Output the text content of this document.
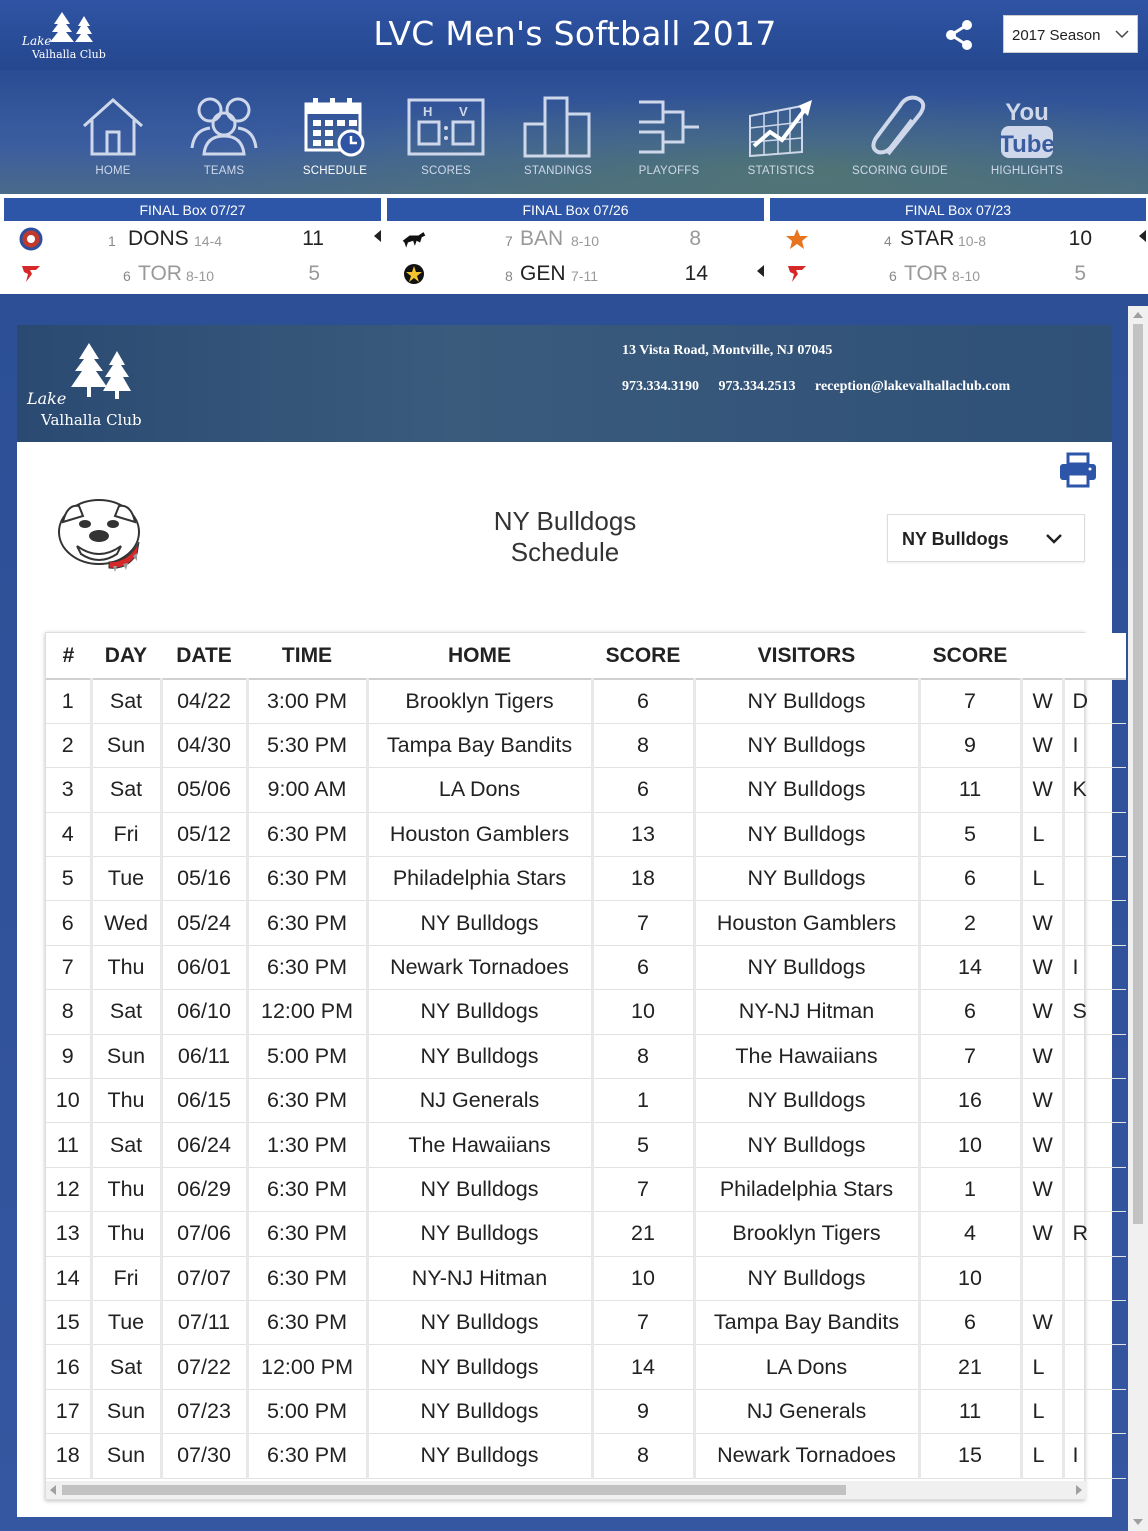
Lake
Valhalla Club
LVC Men's Softball 2017	2017 Season
HOME	TEAMS	SCHEDULE
H V
SCORES	STANDINGS	PLAYOFFS	STATISTICS	SCORING GUIDE
You
Tube
HIGHLIGHTS
FINAL Box 07/27
1 DONS 14-4	11
6 TOR 8-10	5
FINAL Box 07/26
7 BAN 8-10	8
8 GEN 7-11	14
FINAL Box 07/23
4 STAR 10-8	10
6 TOR 8-10	5
Lake
Valhalla Club
13 Vista Road, Montville, NJ 07045
973.334.3190 973.334.2513 reception@lakevalhallaclub.com
NY Bulldogs
Schedule	NY Bulldogs
#	DAY	DATE	TIME	HOME	SCORE	VISITORS	SCORE		
1	Sat	04/22	3:00 PM	Brooklyn Tigers	6	NY Bulldogs	7	W	D
2	Sun	04/30	5:30 PM	Tampa Bay Bandits	8	NY Bulldogs	9	W	I
3	Sat	05/06	9:00 AM	LA Dons	6	NY Bulldogs	11	W	K
4	Fri	05/12	6:30 PM	Houston Gamblers	13	NY Bulldogs	5	L	
5	Tue	05/16	6:30 PM	Philadelphia Stars	18	NY Bulldogs	6	L	
6	Wed	05/24	6:30 PM	NY Bulldogs	7	Houston Gamblers	2	W	
7	Thu	06/01	6:30 PM	Newark Tornadoes	6	NY Bulldogs	14	W	I
8	Sat	06/10	12:00 PM	NY Bulldogs	10	NY-NJ Hitman	6	W	S
9	Sun	06/11	5:00 PM	NY Bulldogs	8	The Hawaiians	7	W	
10	Thu	06/15	6:30 PM	NJ Generals	1	NY Bulldogs	16	W	
11	Sat	06/24	1:30 PM	The Hawaiians	5	NY Bulldogs	10	W	
12	Thu	06/29	6:30 PM	NY Bulldogs	7	Philadelphia Stars	1	W	
13	Thu	07/06	6:30 PM	NY Bulldogs	21	Brooklyn Tigers	4	W	R
14	Fri	07/07	6:30 PM	NY-NJ Hitman	10	NY Bulldogs	10		
15	Tue	07/11	6:30 PM	NY Bulldogs	7	Tampa Bay Bandits	6	W	
16	Sat	07/22	12:00 PM	NY Bulldogs	14	LA Dons	21	L	
17	Sun	07/23	5:00 PM	NY Bulldogs	9	NJ Generals	11	L	
18	Sun	07/30	6:30 PM	NY Bulldogs	8	Newark Tornadoes	15	L	I
